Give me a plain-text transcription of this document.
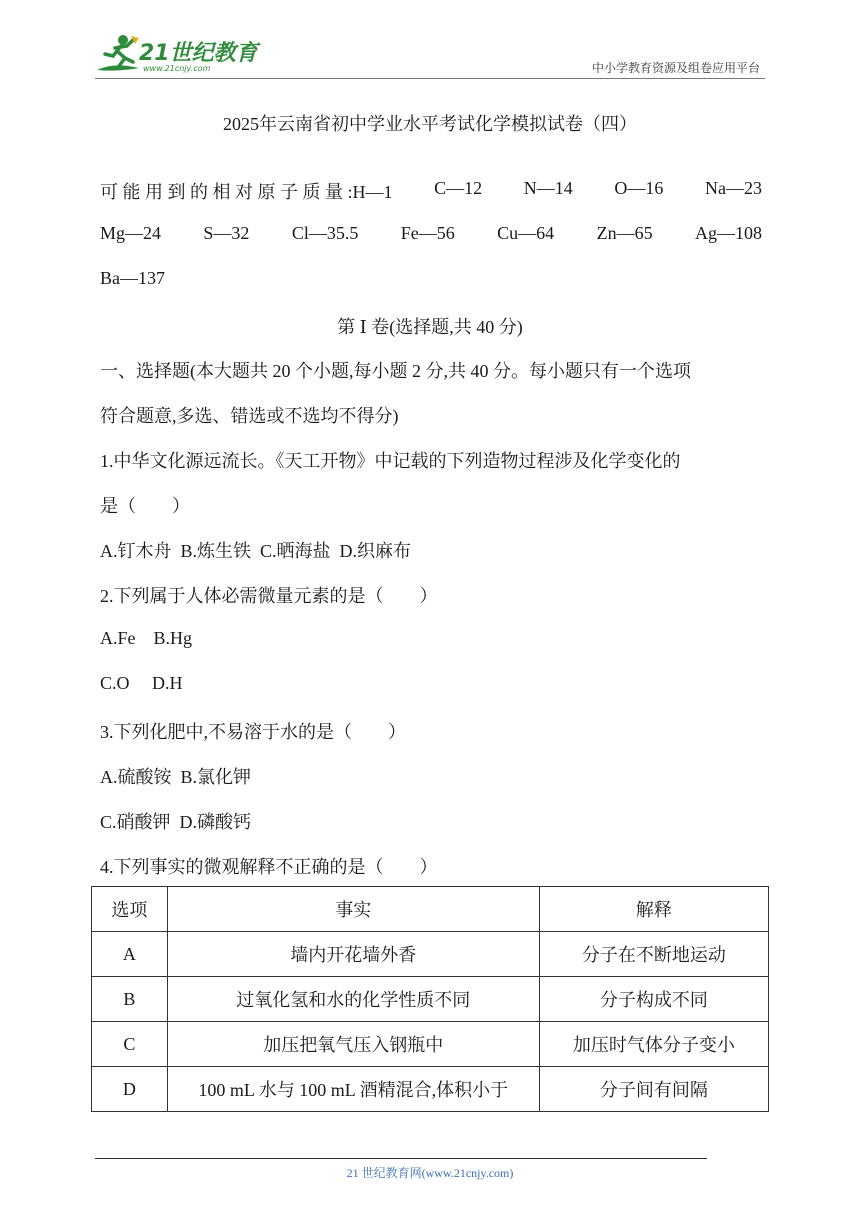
21世纪教育
www.21cnjy.com	中小学教育资源及组卷应用平台
2025年云南省初中学业水平考试化学模拟试卷（四）
可 能 用 到 的 相 对 原 子 质 量 :H—1 C—12 N—14 O—16 Na—23
Mg—24 S—32 Cl—35.5 Fe—56 Cu—64 Zn—65 Ag—108
Ba—137
第 Ⅰ 卷(选择题,共 40 分)
一、选择题(本大题共 20 个小题,每小题 2 分,共 40 分。每小题只有一个选项
符合题意,多选、错选或不选均不得分)
1.中华文化源远流长。《天工开物》中记载的下列造物过程涉及化学变化的
是（　　）
A.钉木舟  B.炼生铁  C.晒海盐  D.织麻布
2.下列属于人体必需微量元素的是（　　）
A.Fe    B.Hg
C.O     D.H
3.下列化肥中,不易溶于水的是（　　）
A.硫酸铵  B.氯化钾
C.硝酸钾  D.磷酸钙
4.下列事实的微观解释不正确的是（　　）
选项	事实	解释
A	墙内开花墙外香	分子在不断地运动
B	过氧化氢和水的化学性质不同	分子构成不同
C	加压把氧气压入钢瓶中	加压时气体分子变小
D	100 mL 水与 100 mL 酒精混合,体积小于	分子间有间隔
21 世纪教育网(www.21cnjy.com)
